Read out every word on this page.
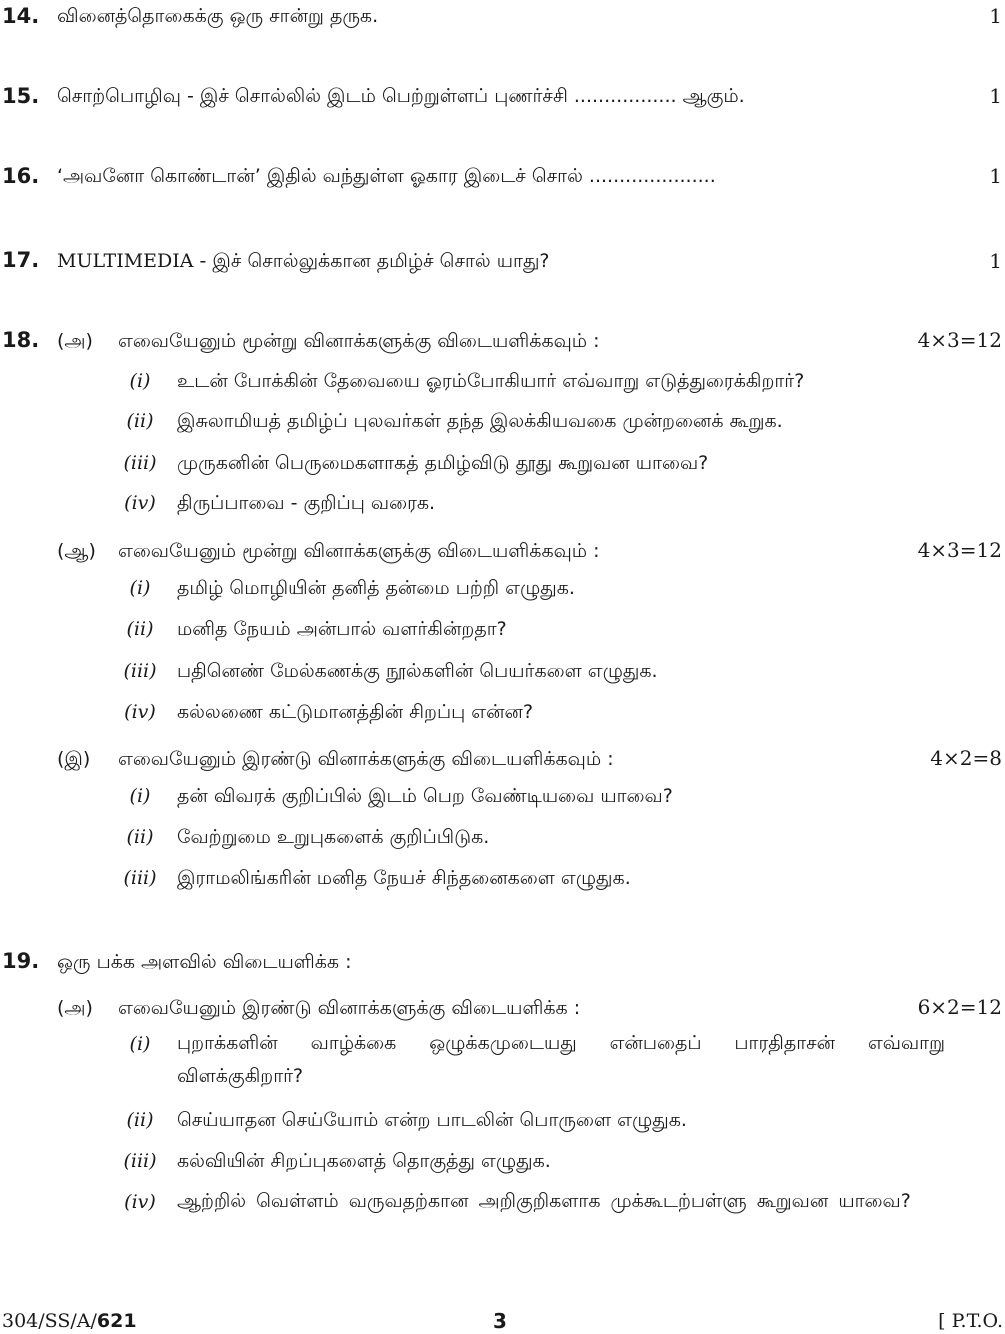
14. வினைத்தொகைக்கு ஒரு சான்று தருக.	1
15. சொற்பொழிவு - இச் சொல்லில் இடம் பெற்றுள்ளப் புணர்ச்சி ................. ஆகும்.	1
16. ‘அவனோ கொண்டான்’ இதில் வந்துள்ள ஓகார இடைச் சொல் .....................	1
17. MULTIMEDIA - இச் சொல்லுக்கான தமிழ்ச் சொல் யாது?	1
18. (அ) எவையேனும் மூன்று வினாக்களுக்கு விடையளிக்கவும் :	4×3=12
(i)	உடன் போக்கின் தேவையை ஓரம்போகியார் எவ்வாறு எடுத்துரைக்கிறார்?
(ii)	இசுலாமியத் தமிழ்ப் புலவர்கள் தந்த இலக்கியவகை முன்றனைக் கூறுக.
(iii) முருகனின் பெருமைகளாகத் தமிழ்விடு தூது கூறுவன யாவை?
(iv) திருப்பாவை - குறிப்பு வரைக.
(ஆ) எவையேனும் மூன்று வினாக்களுக்கு விடையளிக்கவும் :	4×3=12
(i)	தமிழ் மொழியின் தனித் தன்மை பற்றி எழுதுக.
(ii)	மனித நேயம் அன்பால் வளர்கின்றதா?
(iii) பதினெண் மேல்கணக்கு நூல்களின் பெயர்களை எழுதுக.
(iv) கல்லணை கட்டுமானத்தின் சிறப்பு என்ன?
(இ) எவையேனும் இரண்டு வினாக்களுக்கு விடையளிக்கவும் :	4×2=8
(i)	தன் விவரக் குறிப்பில் இடம் பெற வேண்டியவை யாவை?
(ii)	வேற்றுமை உறுபுகளைக் குறிப்பிடுக.
(iii) இராமலிங்கரின் மனித நேயச் சிந்தனைகளை எழுதுக.
19. ஒரு பக்க அளவில் விடையளிக்க :
(அ) எவையேனும் இரண்டு வினாக்களுக்கு விடையளிக்க :	6×2=12
(i)	புறாக்களின் வாழ்க்கை ஒழுக்கமுடையது என்பதைப் பாரதிதாசன் எவ்வாறு விளக்குகிறார்?
(ii)	செய்யாதன செய்யோம் என்ற பாடலின் பொருளை எழுதுக.
(iii) கல்வியின் சிறப்புகளைத் தொகுத்து எழுதுக.
(iv) ஆற்றில் வெள்ளம் வருவதற்கான அறிகுறிகளாக முக்கூடற்பள்ளு கூறுவன யாவை?
304/SS/A/621	3	[ P.T.O.
